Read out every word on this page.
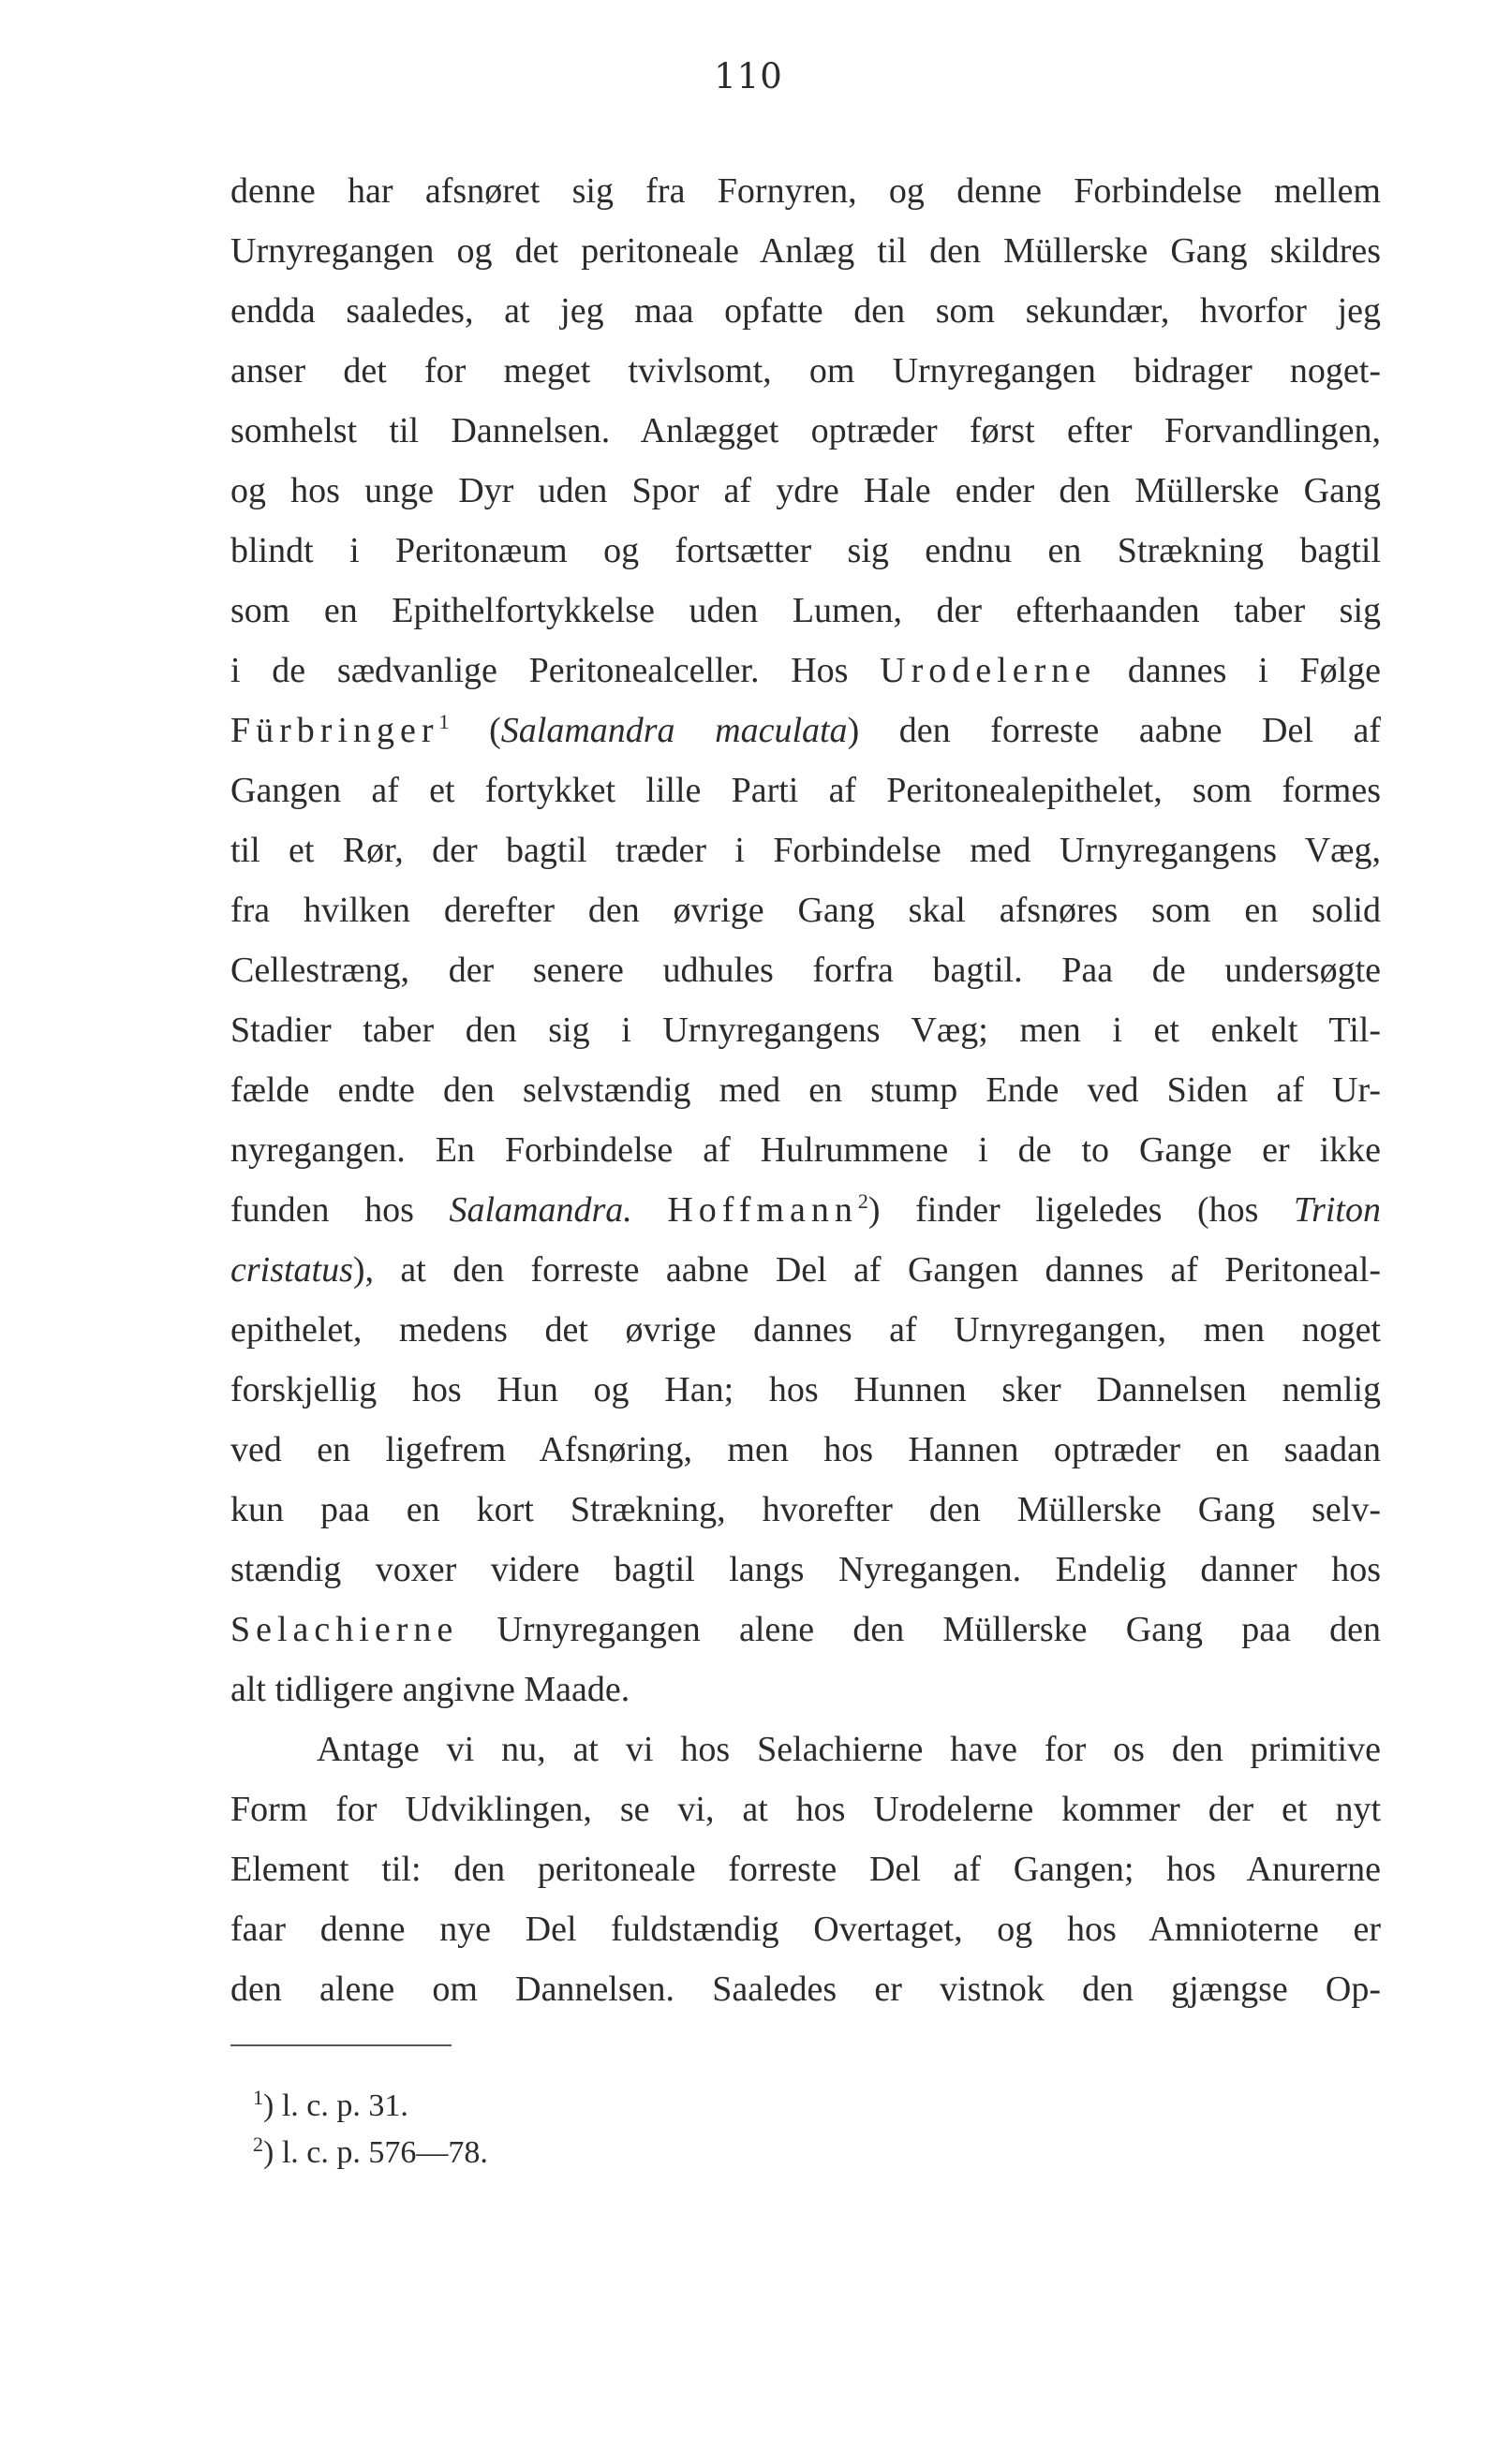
110
denne har afsnøret sig fra Fornyren, og denne Forbindelse mellem
Urnyregangen og det peritoneale Anlæg til den Müllerske Gang skildres
endda saaledes, at jeg maa opfatte den som sekundær, hvorfor jeg
anser det for meget tvivlsomt, om Urnyregangen bidrager noget-
somhelst til Dannelsen. Anlægget optræder først efter Forvandlingen,
og hos unge Dyr uden Spor af ydre Hale ender den Müllerske Gang
blindt i Peritonæum og fortsætter sig endnu en Strækning bagtil
som en Epithelfortykkelse uden Lumen, der efterhaanden taber sig
i de sædvanlige Peritonealceller. Hos Urodelerne dannes i Følge
Fürbringer$^1$ (Salamandra maculata) den forreste aabne Del af
Gangen af et fortykket lille Parti af Peritonealepithelet, som formes
til et Rør, der bagtil træder i Forbindelse med Urnyregangens Væg,
fra hvilken derefter den øvrige Gang skal afsnøres som en solid
Cellestræng, der senere udhules forfra bagtil. Paa de undersøgte
Stadier taber den sig i Urnyregangens Væg; men i et enkelt Til-
fælde endte den selvstændig med en stump Ende ved Siden af Ur-
nyregangen. En Forbindelse af Hulrummene i de to Gange er ikke
funden hos Salamandra. Hoffmann$^2$) finder ligeledes (hos Triton
cristatus), at den forreste aabne Del af Gangen dannes af Peritoneal-
epithelet, medens det øvrige dannes af Urnyregangen, men noget
forskjellig hos Hun og Han; hos Hunnen sker Dannelsen nemlig
ved en ligefrem Afsnøring, men hos Hannen optræder en saadan
kun paa en kort Strækning, hvorefter den Müllerske Gang selv-
stændig voxer videre bagtil langs Nyregangen. Endelig danner hos
Selachierne Urnyregangen alene den Müllerske Gang paa den
alt tidligere angivne Maade.
Antage vi nu, at vi hos Selachierne have for os den primitive
Form for Udviklingen, se vi, at hos Urodelerne kommer der et nyt
Element til: den peritoneale forreste Del af Gangen; hos Anurerne
faar denne nye Del fuldstændig Overtaget, og hos Amnioterne er
den alene om Dannelsen. Saaledes er vistnok den gjængse Op-
$^1$) l. c. p. 31.
$^2$) l. c. p. 576—78.
